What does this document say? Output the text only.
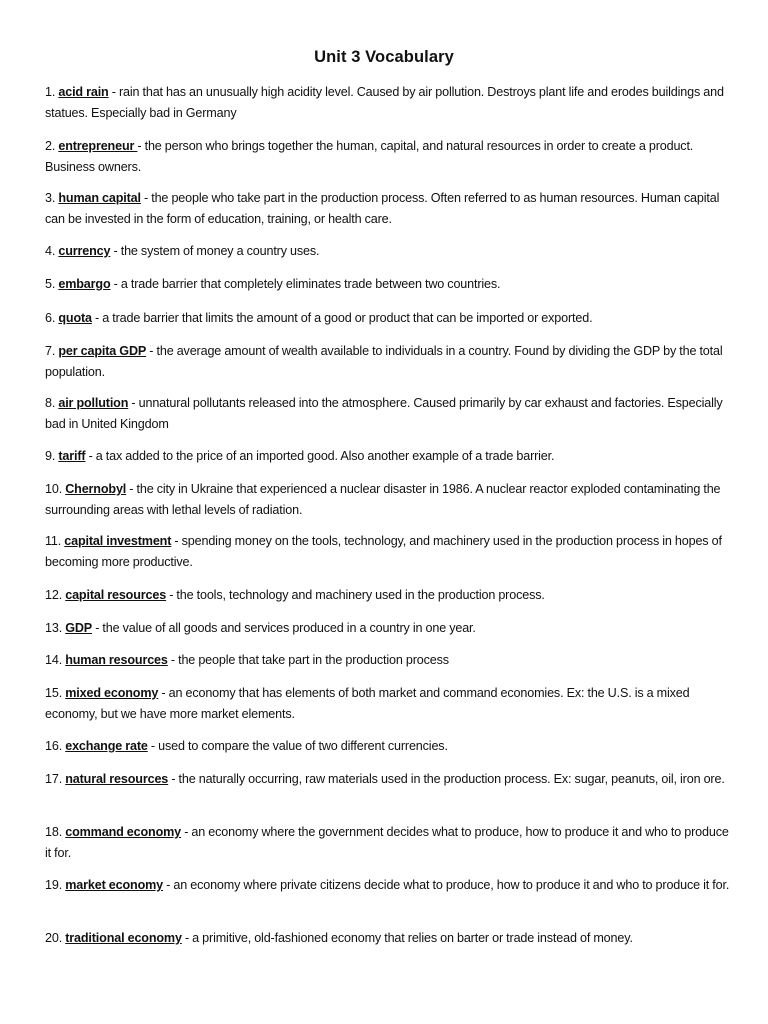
Unit 3 Vocabulary

1. acid rain - rain that has an unusually high acidity level. Caused by air pollution. Destroys plant life and erodes buildings and statues. Especially bad in Germany

2. entrepreneur - the person who brings together the human, capital, and natural resources in order to create a product. Business owners.

3. human capital - the people who take part in the production process. Often referred to as human resources. Human capital can be invested in the form of education, training, or health care.

4. currency - the system of money a country uses.

5. embargo - a trade barrier that completely eliminates trade between two countries.

6. quota - a trade barrier that limits the amount of a good or product that can be imported or exported.

7. per capita GDP - the average amount of wealth available to individuals in a country. Found by dividing the GDP by the total population.

8. air pollution - unnatural pollutants released into the atmosphere. Caused primarily by car exhaust and factories. Especially bad in United Kingdom

9. tariff - a tax added to the price of an imported good. Also another example of a trade barrier.

10. Chernobyl - the city in Ukraine that experienced a nuclear disaster in 1986. A nuclear reactor exploded contaminating the surrounding areas with lethal levels of radiation.

11. capital investment - spending money on the tools, technology, and machinery used in the production process in hopes of becoming more productive.

12. capital resources - the tools, technology and machinery used in the production process.

13. GDP - the value of all goods and services produced in a country in one year.

14. human resources - the people that take part in the production process

15. mixed economy - an economy that has elements of both market and command economies. Ex: the U.S. is a mixed economy, but we have more market elements.

16. exchange rate - used to compare the value of two different currencies.

17. natural resources - the naturally occurring, raw materials used in the production process. Ex: sugar, peanuts, oil, iron ore.

18. command economy - an economy where the government decides what to produce, how to produce it and who to produce it for.

19. market economy - an economy where private citizens decide what to produce, how to produce it and who to produce it for.

20. traditional economy - a primitive, old-fashioned economy that relies on barter or trade instead of money.
